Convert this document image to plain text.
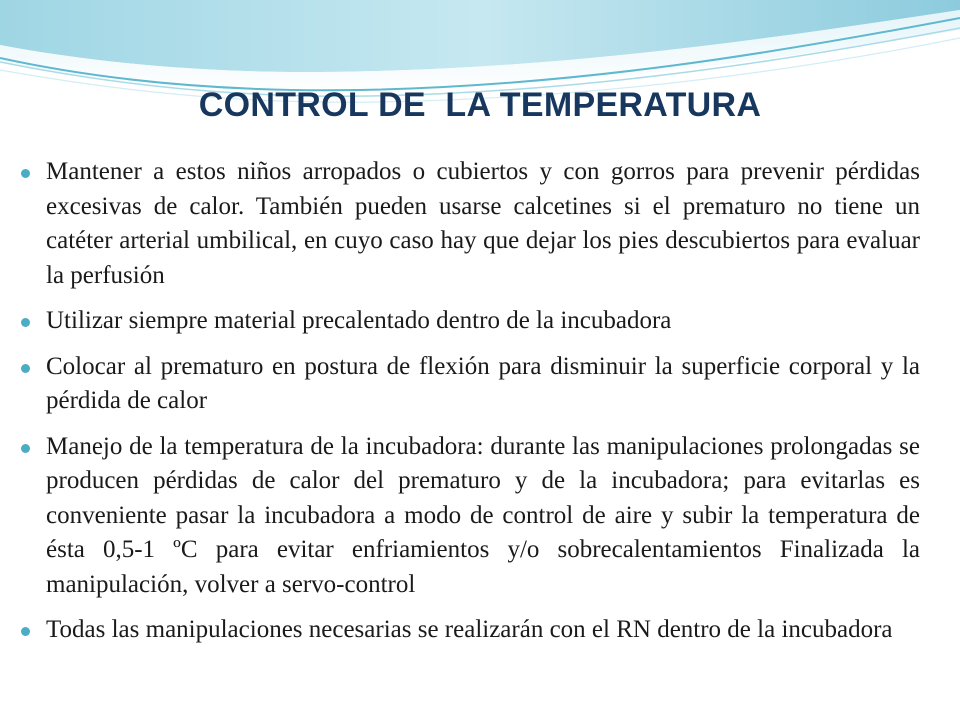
CONTROL DE  LA TEMPERATURA
Mantener a estos niños arropados o cubiertos y con gorros para prevenir pérdidas excesivas de calor. También pueden usarse calcetines si el prematuro no tiene un catéter arterial umbilical, en cuyo caso hay que dejar los pies descubiertos para evaluar la perfusión
Utilizar siempre material precalentado dentro de la incubadora
Colocar al prematuro en postura de flexión para disminuir la superficie corporal y la pérdida de calor
Manejo de la temperatura de la incubadora: durante las manipulaciones prolongadas se producen pérdidas de calor del prematuro y de la incubadora; para evitarlas es conveniente pasar la incubadora a modo de control de aire y subir la temperatura de ésta 0,5-1 ºC para evitar enfriamientos y/o sobrecalentamientos Finalizada la manipulación, volver a servo-control
Todas las manipulaciones necesarias se realizarán con el RN dentro de la incubadora
